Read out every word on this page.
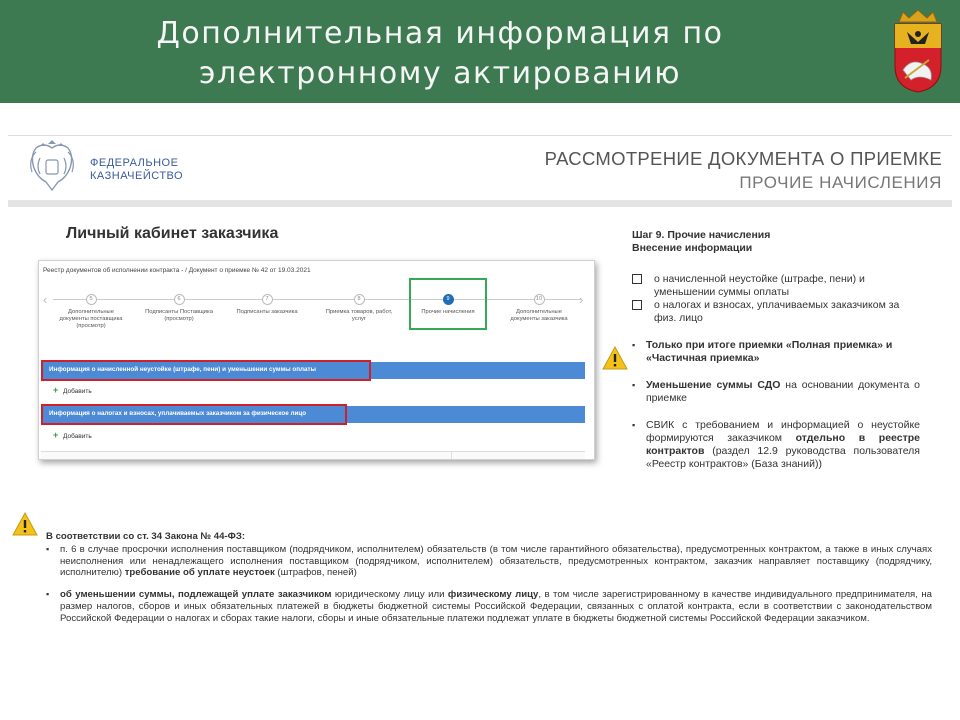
Дополнительная информация по
электронному актированию
ФЕДЕРАЛЬНОЕ
КАЗНАЧЕЙСТВО
РАССМОТРЕНИЕ ДОКУМЕНТА О ПРИЕМКЕ
ПРОЧИЕ НАЧИСЛЕНИЯ
Личный кабинет заказчика
Реестр документов об исполнении контракта - / Документ о приемке № 42 от 19.03.2021
‹	›
5
Дополнительные документы поставщика (просмотр)
6
Подписанты Поставщика (просмотр)
7
Подписанты заказчика
8
Приемка товаров, работ, услуг
9
Прочие начисления
10
Дополнительные документы заказчика
Информация о начисленной неустойке (штрафе, пени) и уменьшении суммы оплаты
+ Добавить
Информация о налогах и взносах, уплачиваемых заказчиком за физическое лицо
+ Добавить

Шаг 9. Прочие начисления

Внесение информации

о начисленной неустойке (штрафе, пени) и уменьшении суммы оплаты
о налогах и взносах, уплачиваемых заказчиком за физ. лицо
▪ Только при итоге приемки «Полная приемка» и «Частичная приемка»
▪ Уменьшение суммы СДО на основании документа о приемке
▪ СВИК с требованием и информацией о неустойке формируются заказчиком отдельно в реестре контрактов (раздел 12.9 руководства пользователя «Реестр контрактов» (База знаний))

В соответствии со ст. 34 Закона № 44-ФЗ:

▪ п. 6 в случае просрочки исполнения поставщиком (подрядчиком, исполнителем) обязательств (в том числе гарантийного обязательства), предусмотренных контрактом, а также в иных случаях неисполнения или ненадлежащего исполнения поставщиком (подрядчиком, исполнителем) обязательств, предусмотренных контрактом, заказчик направляет поставщику (подрядчику, исполнителю) требование об уплате неустоек (штрафов, пеней)
▪ об уменьшении суммы, подлежащей уплате заказчиком юридическому лицу или физическому лицу, в том числе зарегистрированному в качестве индивидуального предпринимателя, на размер налогов, сборов и иных обязательных платежей в бюджеты бюджетной системы Российской Федерации, связанных с оплатой контракта, если в соответствии с законодательством Российской Федерации о налогах и сборах такие налоги, сборы и иные обязательные платежи подлежат уплате в бюджеты бюджетной системы Российской Федерации заказчиком.
